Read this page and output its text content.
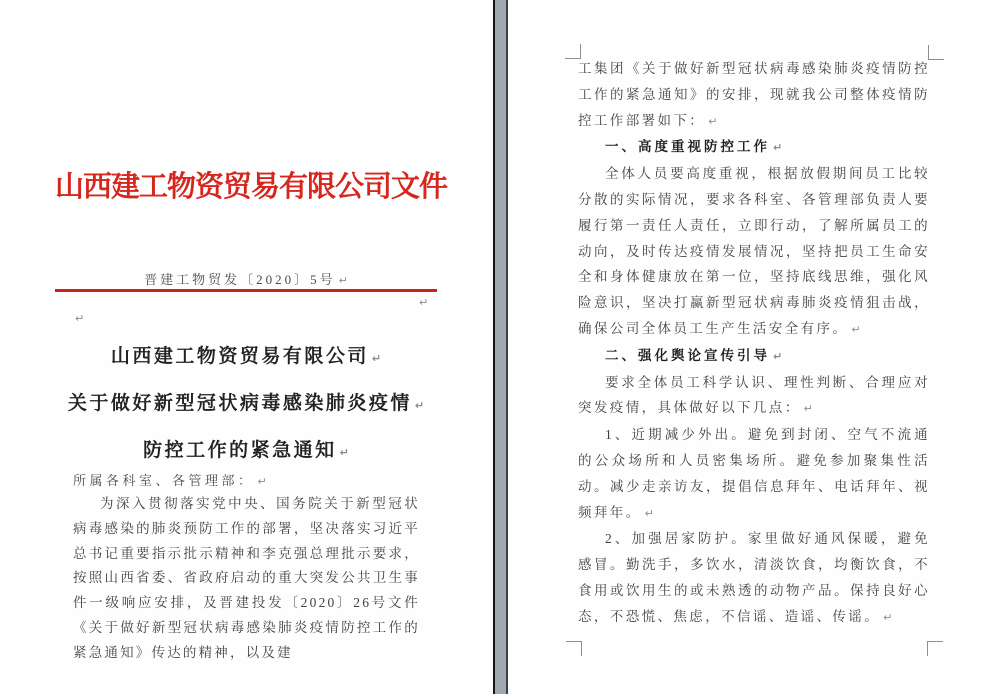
山西建工物资贸易有限公司文件
晋建工物贸发〔2020〕5号 ↵
↵
↵
山西建工物资贸易有限公司 ↵
关于做好新型冠状病毒感染肺炎疫情 ↵
防控工作的紧急通知 ↵
所属各科室、各管理部： ↵
为深入贯彻落实党中央、国务院关于新型冠状病毒感染的肺炎预防工作的部署，坚决落实习近平总书记重要指示批示精神和李克强总理批示要求，按照山西省委、省政府启动的重大突发公共卫生事件一级响应安排，及晋建投发〔2020〕26号文件《关于做好新型冠状病毒感染肺炎疫情防控工作的紧急通知》传达的精神，以及建
工集团《关于做好新型冠状病毒感染肺炎疫情防控工作的紧急通知》的安排，现就我公司整体疫情防控工作部署如下： ↵
一、高度重视防控工作 ↵
全体人员要高度重视，根据放假期间员工比较分散的实际情况，要求各科室、各管理部负责人要履行第一责任人责任，立即行动，了解所属员工的动向，及时传达疫情发展情况，坚持把员工生命安全和身体健康放在第一位，坚持底线思维，强化风险意识，坚决打赢新型冠状病毒肺炎疫情狙击战，确保公司全体员工生产生活安全有序。 ↵
二、强化舆论宣传引导 ↵
要求全体员工科学认识、理性判断、合理应对突发疫情，具体做好以下几点： ↵
1、近期减少外出。避免到封闭、空气不流通的公众场所和人员密集场所。避免参加聚集性活动。减少走亲访友，提倡信息拜年、电话拜年、视频拜年。 ↵
2、加强居家防护。家里做好通风保暖，避免感冒。勤洗手，多饮水，清淡饮食，均衡饮食，不食用或饮用生的或未熟透的动物产品。保持良好心态，不恐慌、焦虑，不信谣、造谣、传谣。 ↵
